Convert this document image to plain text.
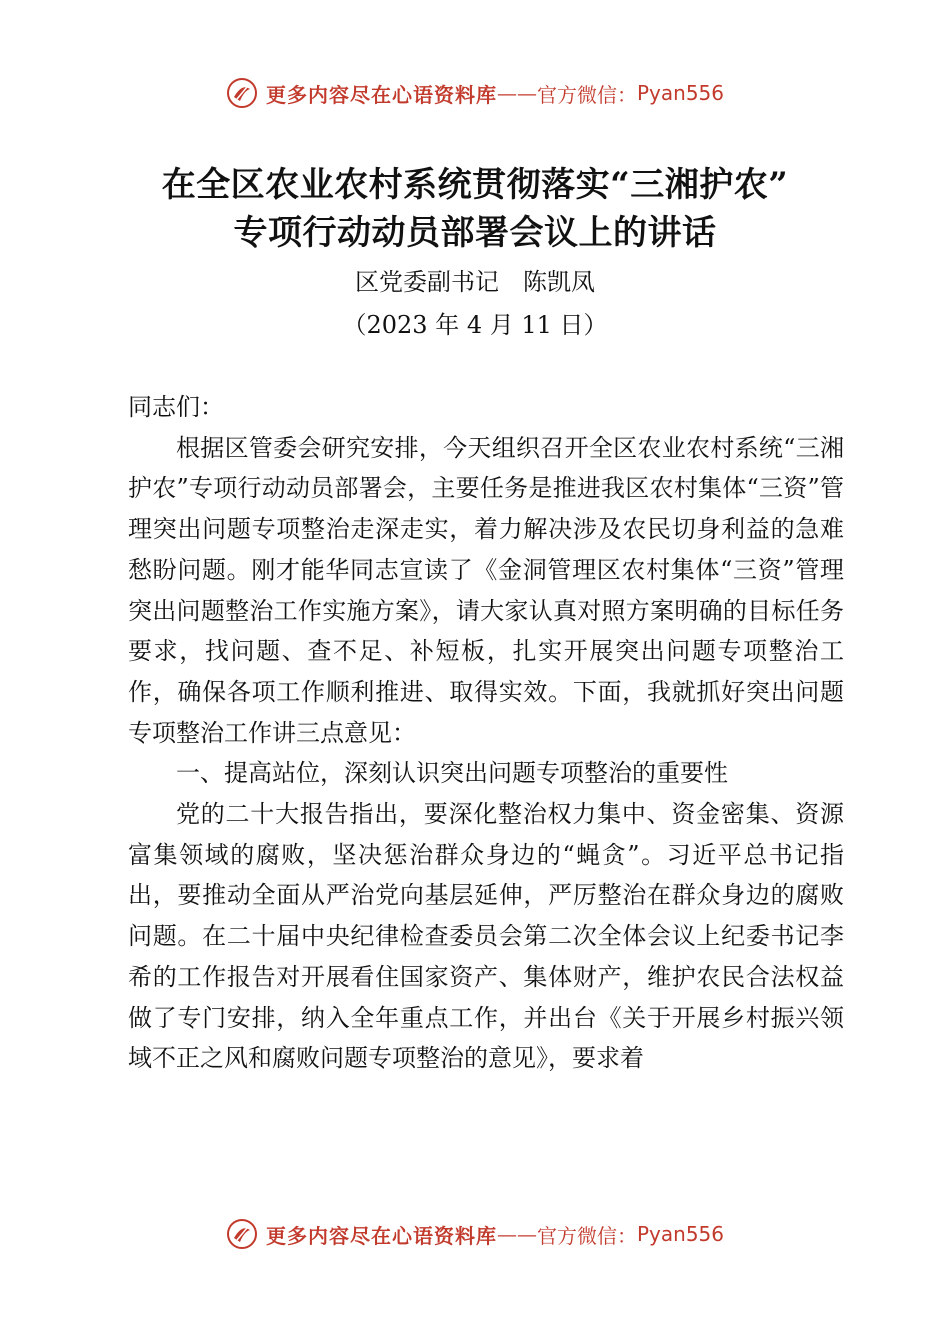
更多内容尽在心语资料库 —— 官方微信： Pyan556
在全区农业农村系统贯彻落实“三湘护农”
专项行动动员部署会议上的讲话
区党委副书记　陈凯凤
（2023 年 4 月 11 日）

同志们：

根据区管委会研究安排，今天组织召开全区农业农村系统“三湘护农”专项行动动员部署会，主要任务是推进我区农村集体“三资”管理突出问题专项整治走深走实，着力解决涉及农民切身利益的急难愁盼问题。刚才能华同志宣读了《金洞管理区农村集体“三资”管理突出问题整治工作实施方案》，请大家认真对照方案明确的目标任务要求，找问题、查不足、补短板，扎实开展突出问题专项整治工作，确保各项工作顺利推进、取得实效。下面，我就抓好突出问题专项整治工作讲三点意见：

一、提高站位，深刻认识突出问题专项整治的重要性

党的二十大报告指出，要深化整治权力集中、资金密集、资源富集领域的腐败，坚决惩治群众身边的“蝇贪”。习近平总书记指出，要推动全面从严治党向基层延伸，严厉整治在群众身边的腐败问题。在二十届中央纪律检查委员会第二次全体会议上纪委书记李希的工作报告对开展看住国家资产、集体财产，维护农民合法权益做了专门安排，纳入全年重点工作，并出台《关于开展乡村振兴领域不正之风和腐败问题专项整治的意见》，要求着

更多内容尽在心语资料库 —— 官方微信： Pyan556
